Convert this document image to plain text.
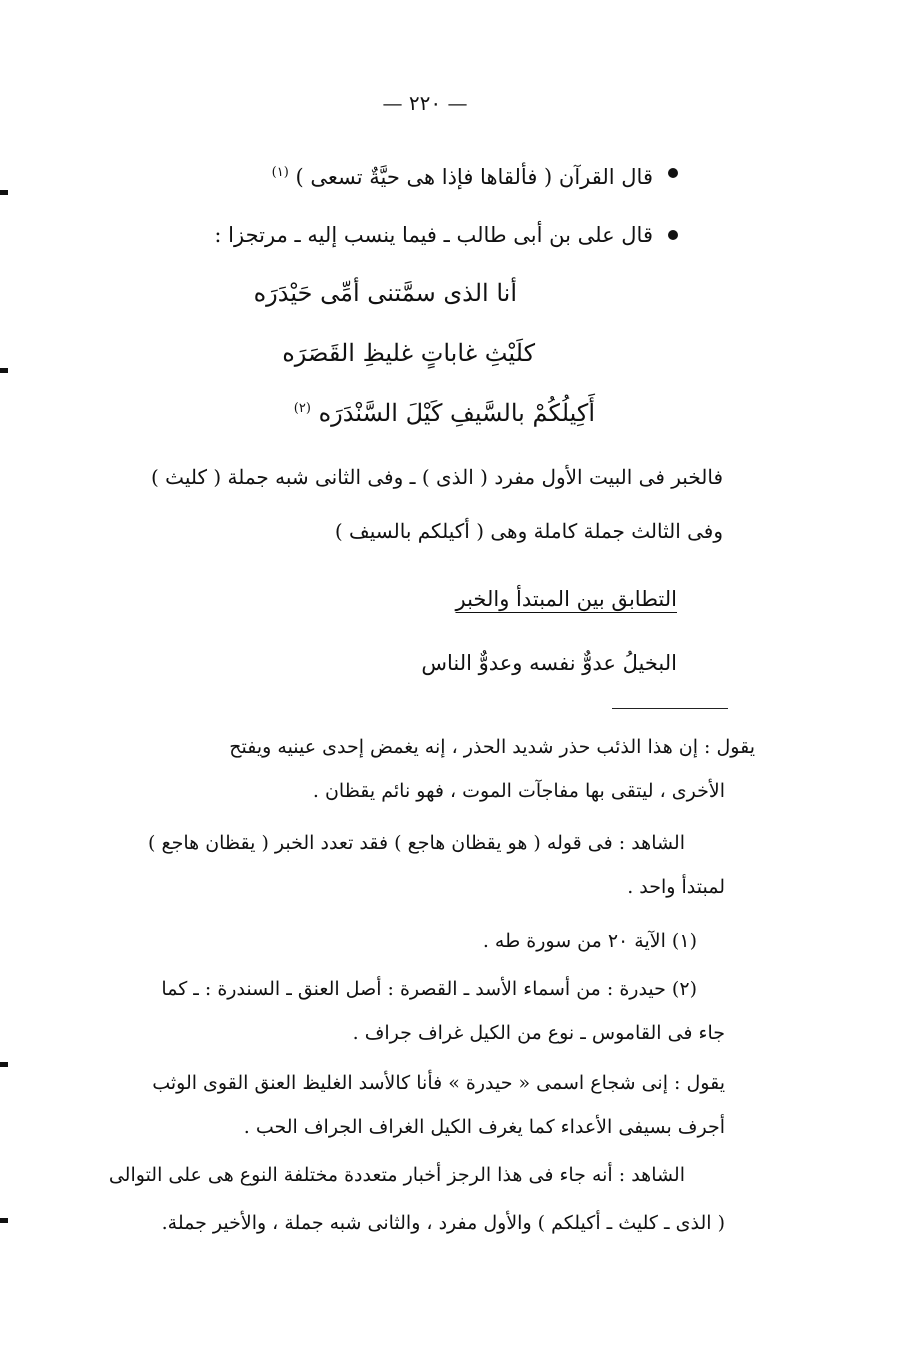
— ٢٢٠ —
قال القرآن ( فألقاها فإذا هى حيَّةٌ تسعى ) $^{(١)}$
قال على بن أبى طالب ـ فيما ينسب إليه ـ مرتجزا :
أنا الذى سمَّتنى أمِّى حَيْدَرَه
كلَيْثِ غاباتٍ غليظِ القَصَرَه
أَكِيلُكُمْ بالسَّيفِ كَيْلَ السَّنْدَرَه $^{(٢)}$
فالخبر فى البيت الأول مفرد ( الذى ) ـ وفى الثانى شبه جملة ( كليث )
وفى الثالث جملة كاملة وهى ( أكيلكم بالسيف )
التطابق بين المبتدأ والخبر
البخيلُ عدوٌّ نفسه وعدوٌّ الناس
يقول : إن هذا الذئب حذر شديد الحذر ، إنه يغمض إحدى عينيه ويفتح
الأخرى ، ليتقى بها مفاجآت الموت ، فهو نائم يقظان .
الشاهد : فى قوله ( هو يقظان هاجع ) فقد تعدد الخبر ( يقظان هاجع )
لمبتدأ واحد .
(١) الآية ٢٠ من سورة طه .
(٢) حيدرة : من أسماء الأسد ـ القصرة : أصل العنق ـ السندرة : ـ كما
جاء فى القاموس ـ نوع من الكيل غراف جراف .
يقول : إنى شجاع اسمى « حيدرة » فأنا كالأسد الغليظ العنق القوى الوثب
أجرف بسيفى الأعداء كما يغرف الكيل الغراف الجراف الحب .
الشاهد : أنه جاء فى هذا الرجز أخبار متعددة مختلفة النوع هى على التوالى
( الذى ـ كليث ـ أكيلكم ) والأول مفرد ، والثانى شبه جملة ، والأخير جملة.
